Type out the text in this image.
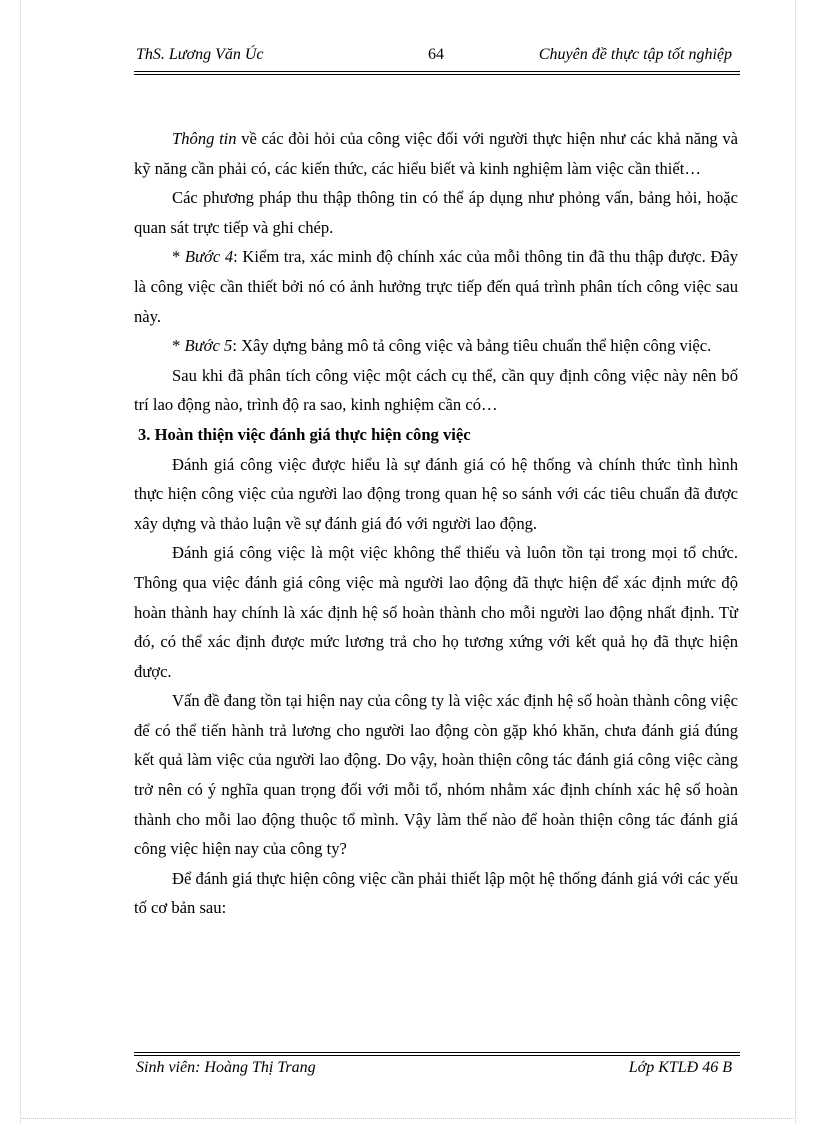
ThS. Lương Văn Úc	64	Chuyên đề thực tập tốt nghiệp

Thông tin về các đòi hỏi của công việc đối với người thực hiện như các khả năng và kỹ năng cần phải có, các kiến thức, các hiểu biết và kinh nghiệm làm việc cần thiết…

Các phương pháp thu thập thông tin có thể áp dụng như phỏng vấn, bảng hỏi, hoặc quan sát trực tiếp và ghi chép.

* Bước 4: Kiểm tra, xác minh độ chính xác của mỗi thông tin đã thu thập được. Đây là công việc cần thiết bởi nó có ảnh hưởng trực tiếp đến quá trình phân tích công việc sau này.

* Bước 5: Xây dựng bảng mô tả công việc và bảng tiêu chuẩn thể hiện công việc.

Sau khi đã phân tích công việc một cách cụ thể, cần quy định công việc này nên bố trí lao động nào, trình độ ra sao, kinh nghiệm cần có…

3. Hoàn thiện việc đánh giá thực hiện công việc

Đánh giá công việc được hiểu là sự đánh giá có hệ thống và chính thức tình hình thực hiện công việc của người lao động trong quan hệ so sánh với các tiêu chuẩn đã được xây dựng và thảo luận về sự đánh giá đó với người lao động.

Đánh giá công việc là một việc không thể thiếu và luôn tồn tại trong mọi tổ chức. Thông qua việc đánh giá công việc mà người lao động đã thực hiện để xác định mức độ hoàn thành hay chính là xác định hệ số hoàn thành cho mỗi người lao động nhất định. Từ đó, có thể xác định được mức lương trả cho họ tương xứng với kết quả họ đã thực hiện được.

Vấn đề đang tồn tại hiện nay của công ty là việc xác định hệ số hoàn thành công việc để có thể tiến hành trả lương cho người lao động còn gặp khó khăn, chưa đánh giá đúng kết quả làm việc của người lao động. Do vậy, hoàn thiện công tác đánh giá công việc càng trở nên có ý nghĩa quan trọng đối với mỗi tổ, nhóm nhằm xác định chính xác hệ số hoàn thành cho mỗi lao động thuộc tổ mình. Vậy làm thế nào để hoàn thiện công tác đánh giá công việc hiện nay của công ty?

Để đánh giá thực hiện công việc cần phải thiết lập một hệ thống đánh giá với các yếu tố cơ bản sau:

Sinh viên: Hoàng Thị Trang	Lớp KTLĐ 46 B
